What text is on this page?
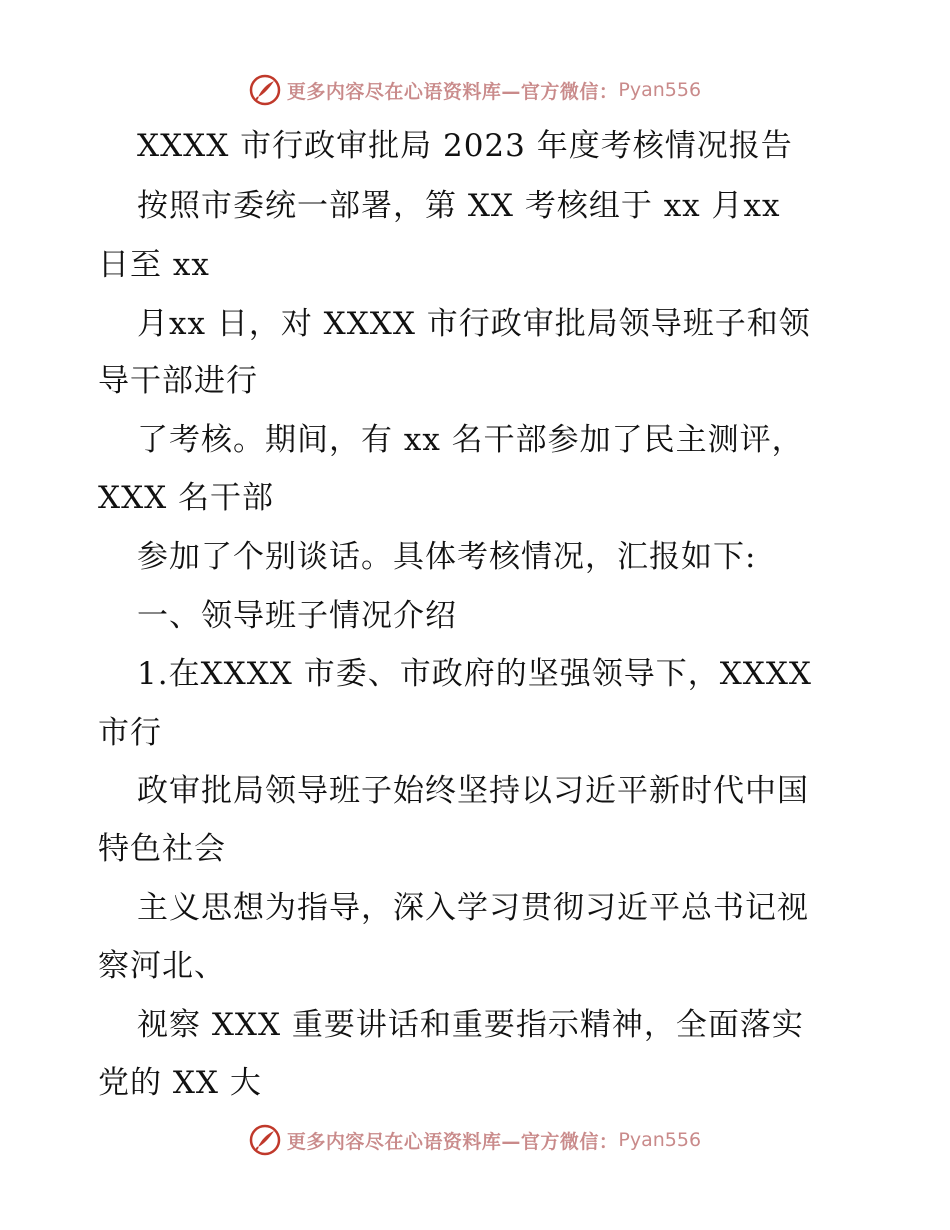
更多内容尽在心语资料库—官方微信： Pyan556
XXXX 市行政审批局 2023 年度考核情况报告
按照市委统一部署，第 XX 考核组于 xx 月xx
日至 xx
月xx 日，对 XXXX 市行政审批局领导班子和领
导干部进行
了考核。期间，有 xx 名干部参加了民主测评，
XXX 名干部
参加了个别谈话。具体考核情况，汇报如下:
一、领导班子情况介绍
1.在XXXX 市委、市政府的坚强领导下，XXXX
市行
政审批局领导班子始终坚持以习近平新时代中国
特色社会
主义思想为指导，深入学习贯彻习近平总书记视
察河北、
视察 XXX 重要讲话和重要指示精神，全面落实
党的 XX 大
更多内容尽在心语资料库—官方微信： Pyan556
